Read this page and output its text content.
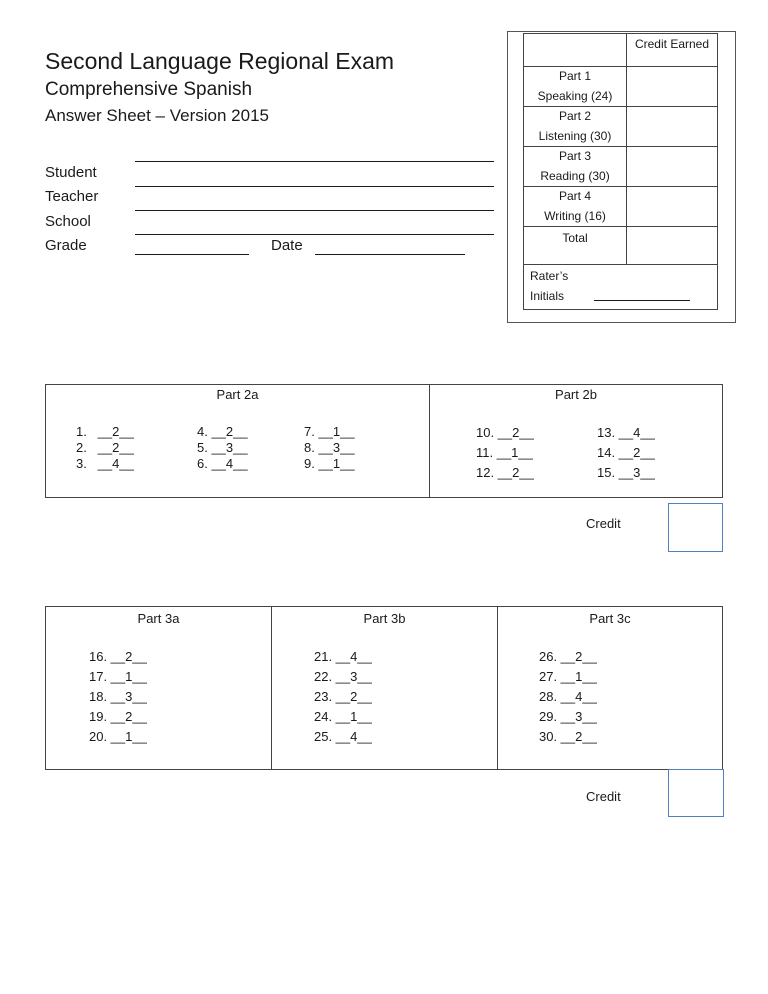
Second Language Regional Exam
Comprehensive Spanish
Answer Sheet – Version 2015
Student
Teacher
School
Grade	Date
Credit Earned
Part 1
Speaking (24)
Part 2
Listening (30)
Part 3
Reading (30)
Part 4
Writing (16)
Total
Rater’s
Initials
Part 2a	Part 2b
1.   __2__
2.   __2__
3.   __4__
4. __2__
5. __3__
6. __4__
7. __1__
8. __3__
9. __1__
10. __2__
11. __1__
12. __2__
13. __4__
14. __2__
15. __3__
Credit
Part 3a	Part 3b	Part 3c
16. __2__
17. __1__
18. __3__
19. __2__
20. __1__
21. __4__
22. __3__
23. __2__
24. __1__
25. __4__
26. __2__
27. __1__
28. __4__
29. __3__
30. __2__
Credit
